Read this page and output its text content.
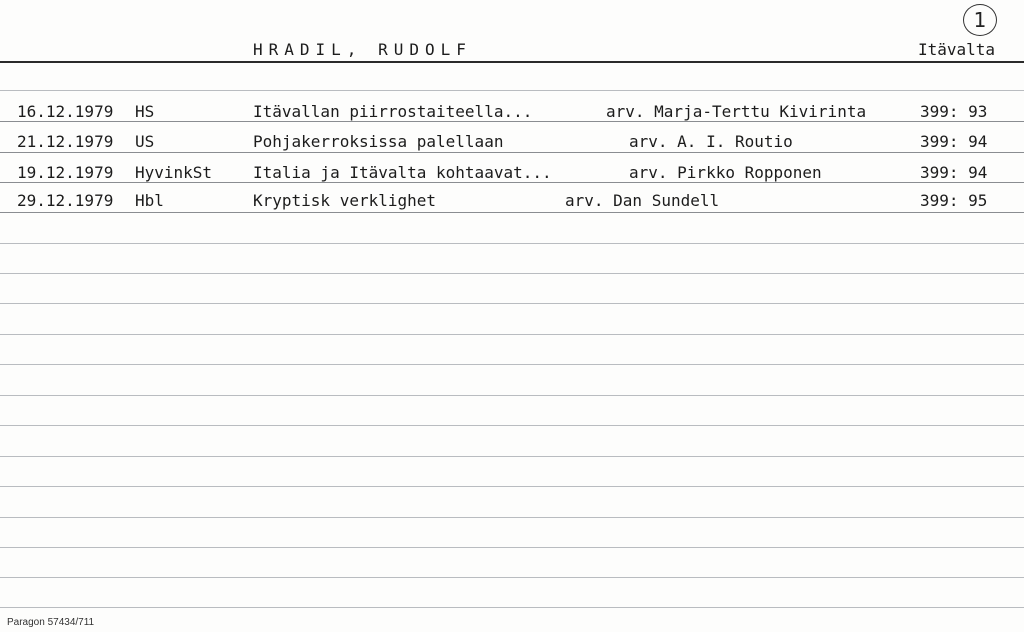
1
HRADIL, RUDOLF	Itävalta
16.12.1979 HS	Itävallan piirrostaiteella...	arv. Marja-Terttu Kivirinta	399: 93
21.12.1979 US	Pohjakerroksissa palellaan	arv. A. I. Routio	399: 94
19.12.1979 HyvinkSt	Italia ja Itävalta kohtaavat...	arv. Pirkko Ropponen	399: 94
29.12.1979 Hbl	Kryptisk verklighet	arv. Dan Sundell	399: 95
Paragon 57434/711
